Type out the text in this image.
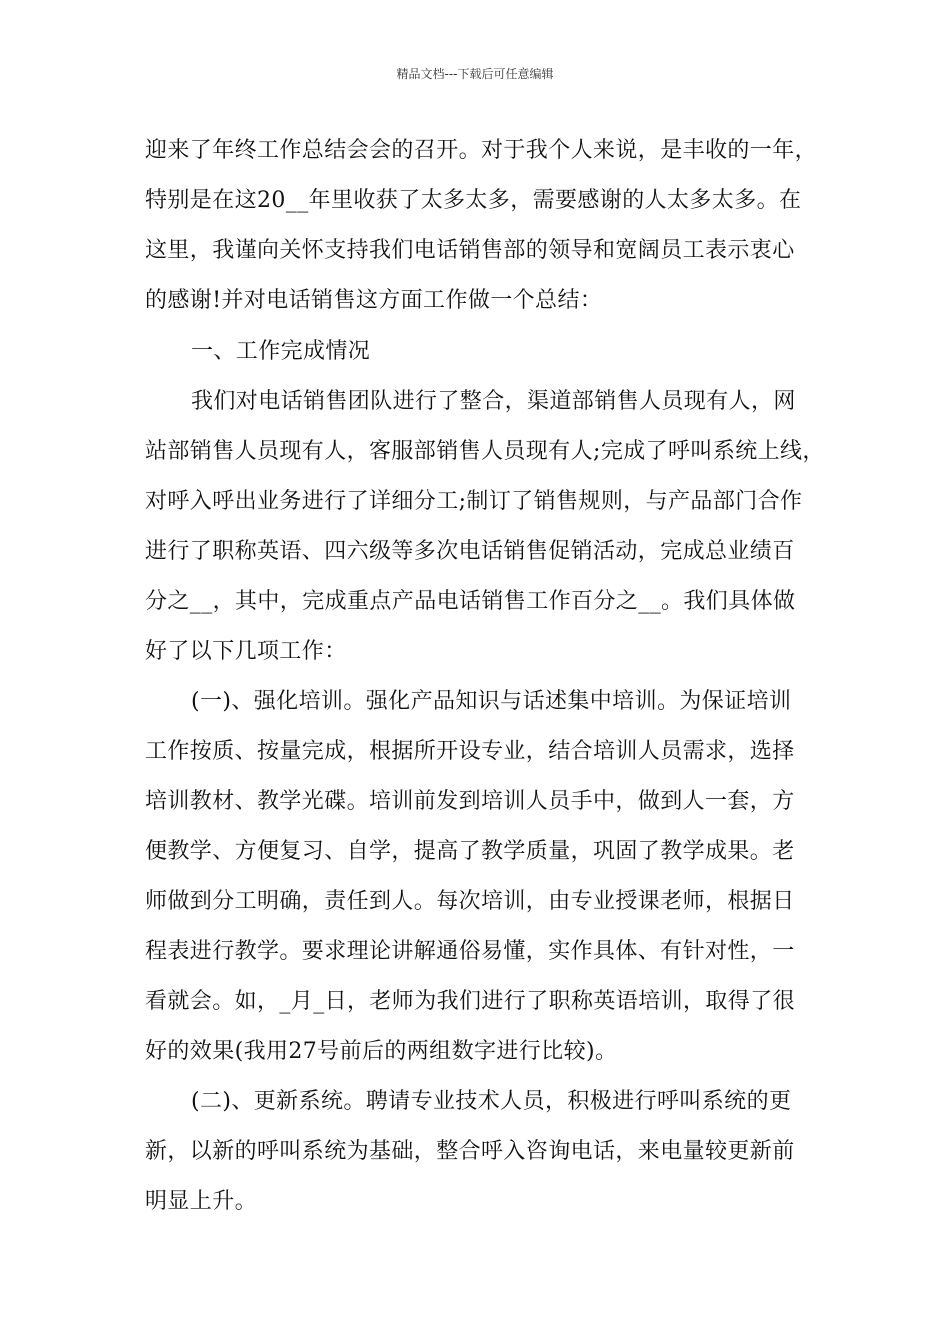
精品文档---下载后可任意编辑
迎来了年终工作总结会会的召开。对于我个人来说，是丰收的一年，
特别是在这20__年里收获了太多太多，需要感谢的人太多太多。在
这里，我谨向关怀支持我们电话销售部的领导和宽阔员工表示衷心
的感谢!并对电话销售这方面工作做一个总结：
一、工作完成情况
我们对电话销售团队进行了整合，渠道部销售人员现有人，网
站部销售人员现有人，客服部销售人员现有人;完成了呼叫系统上线，
对呼入呼出业务进行了详细分工;制订了销售规则，与产品部门合作
进行了职称英语、四六级等多次电话销售促销活动，完成总业绩百
分之__，其中，完成重点产品电话销售工作百分之__。我们具体做
好了以下几项工作：
(一)、强化培训。强化产品知识与话述集中培训。为保证培训
工作按质、按量完成，根据所开设专业，结合培训人员需求，选择
培训教材、教学光碟。培训前发到培训人员手中，做到人一套，方
便教学、方便复习、自学，提高了教学质量，巩固了教学成果。老
师做到分工明确，责任到人。每次培训，由专业授课老师，根据日
程表进行教学。要求理论讲解通俗易懂，实作具体、有针对性，一
看就会。如，_月_日，老师为我们进行了职称英语培训，取得了很
好的效果(我用27号前后的两组数字进行比较)。
(二)、更新系统。聘请专业技术人员，积极进行呼叫系统的更
新，以新的呼叫系统为基础，整合呼入咨询电话，来电量较更新前
明显上升。
